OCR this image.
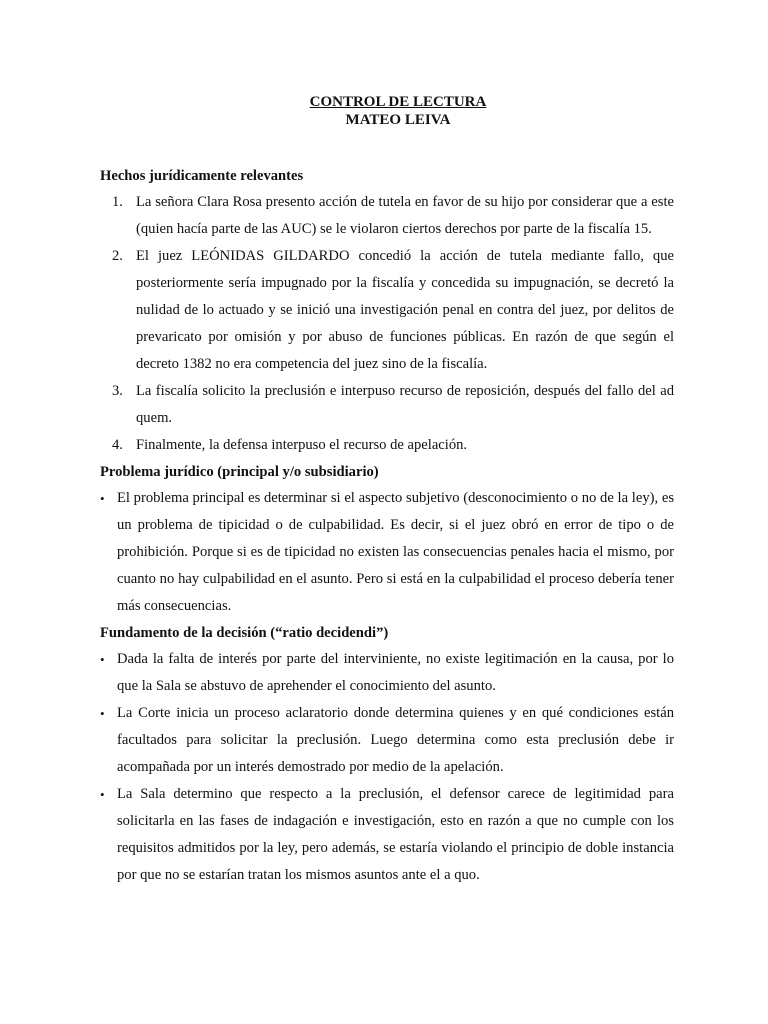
CONTROL DE LECTURA
MATEO LEIVA

Hechos jurídicamente relevantes

1. La señora Clara Rosa presento acción de tutela en favor de su hijo por considerar que a este (quien hacía parte de las AUC) se le violaron ciertos derechos por parte de la fiscalía 15.
2. El juez LEÓNIDAS GILDARDO concedió la acción de tutela mediante fallo, que posteriormente sería impugnado por la fiscalía y concedida su impugnación, se decretó la nulidad de lo actuado y se inició una investigación penal en contra del juez, por delitos de prevaricato por omisión y por abuso de funciones públicas. En razón de que según el decreto 1382 no era competencia del juez sino de la fiscalía.
3. La fiscalía solicito la preclusión e interpuso recurso de reposición, después del fallo del ad quem.
4. Finalmente, la defensa interpuso el recurso de apelación.

Problema jurídico (principal y/o subsidiario)

• El problema principal es determinar si el aspecto subjetivo (desconocimiento o no de la ley), es un problema de tipicidad o de culpabilidad. Es decir, si el juez obró en error de tipo o de prohibición. Porque si es de tipicidad no existen las consecuencias penales hacia el mismo, por cuanto no hay culpabilidad en el asunto. Pero si está en la culpabilidad el proceso debería tener más consecuencias.

Fundamento de la decisión (“ratio decidendi”)

• Dada la falta de interés por parte del interviniente, no existe legitimación en la causa, por lo que la Sala se abstuvo de aprehender el conocimiento del asunto.
• La Corte inicia un proceso aclaratorio donde determina quienes y en qué condiciones están facultados para solicitar la preclusión. Luego determina como esta preclusión debe ir acompañada por un interés demostrado por medio de la apelación.
• La Sala determino que respecto a la preclusión, el defensor carece de legitimidad para solicitarla en las fases de indagación e investigación, esto en razón a que no cumple con los requisitos admitidos por la ley, pero además, se estaría violando el principio de doble instancia por que no se estarían tratan los mismos asuntos ante el a quo.
